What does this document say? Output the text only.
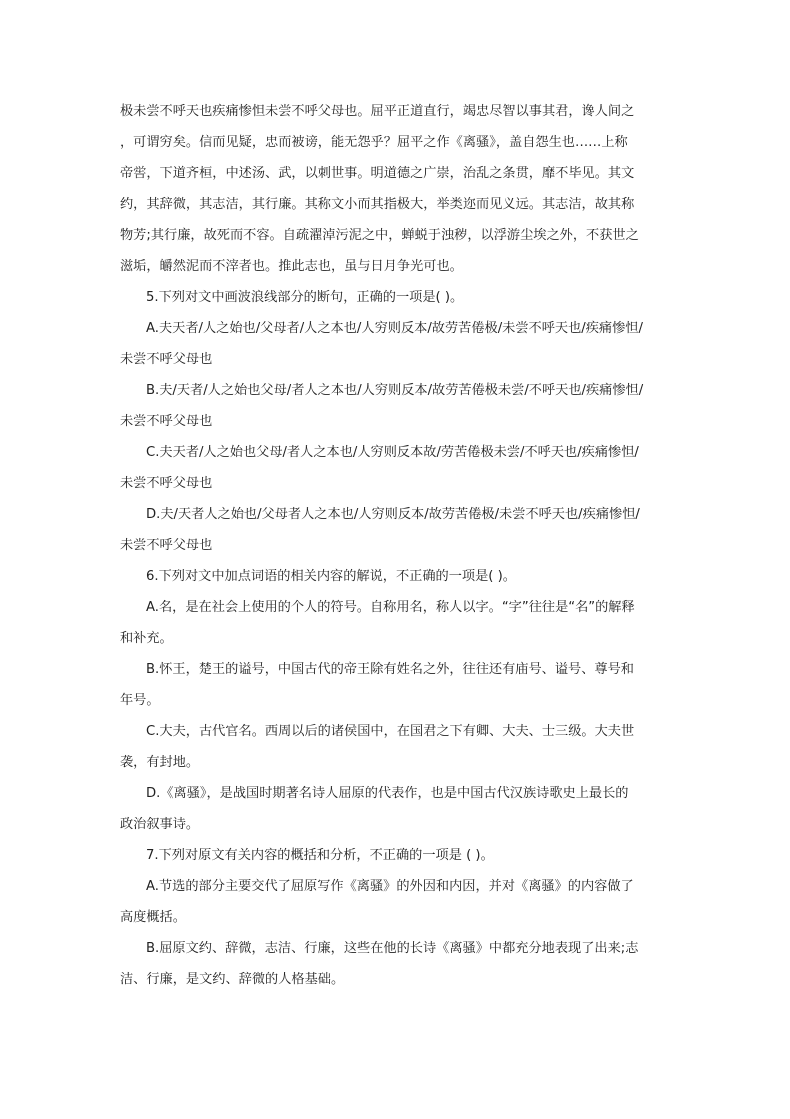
极未尝不呼天也疾痛惨怛未尝不呼父母也。屈平正道直行，竭忠尽智以事其君，谗人间之
，可谓穷矣。信而见疑，忠而被谤，能无怨乎？屈平之作《离骚》，盖自怨生也……上称
帝喾，下道齐桓，中述汤、武，以刺世事。明道德之广崇，治乱之条贯，靡不毕见。其文
约，其辞微，其志洁，其行廉。其称文小而其指极大，举类迩而见义远。其志洁，故其称
物芳;其行廉，故死而不容。自疏濯淖污泥之中，蝉蜕于浊秽，以浮游尘埃之外，不获世之
滋垢，皭然泥而不滓者也。推此志也，虽与日月争光可也。
5.下列对文中画波浪线部分的断句，正确的一项是( )。
A.夫天者/人之始也/父母者/人之本也/人穷则反本/故劳苦倦极/未尝不呼天也/疾痛惨怛/
未尝不呼父母也
B.夫/天者/人之始也父母/者人之本也/人穷则反本/故劳苦倦极未尝/不呼天也/疾痛惨怛/
未尝不呼父母也
C.夫天者/人之始也父母/者人之本也/人穷则反本故/劳苦倦极未尝/不呼天也/疾痛惨怛/
未尝不呼父母也
D.夫/天者人之始也/父母者人之本也/人穷则反本/故劳苦倦极/未尝不呼天也/疾痛惨怛/
未尝不呼父母也
6.下列对文中加点词语的相关内容的解说，不正确的一项是( )。
A.名，是在社会上使用的个人的符号。自称用名，称人以字。“字”往往是“名”的解释
和补充。
B.怀王，楚王的谥号，中国古代的帝王除有姓名之外，往往还有庙号、谥号、尊号和
年号。
C.大夫，古代官名。西周以后的诸侯国中，在国君之下有卿、大夫、士三级。大夫世
袭，有封地。
D.《离骚》，是战国时期著名诗人屈原的代表作，也是中国古代汉族诗歌史上最长的
政治叙事诗。
7.下列对原文有关内容的概括和分析，不正确的一项是 ( )。
A.节选的部分主要交代了屈原写作《离骚》的外因和内因，并对《离骚》的内容做了
高度概括。
B.屈原文约、辞微，志洁、行廉，这些在他的长诗《离骚》中都充分地表现了出来;志
洁、行廉，是文约、辞微的人格基础。
